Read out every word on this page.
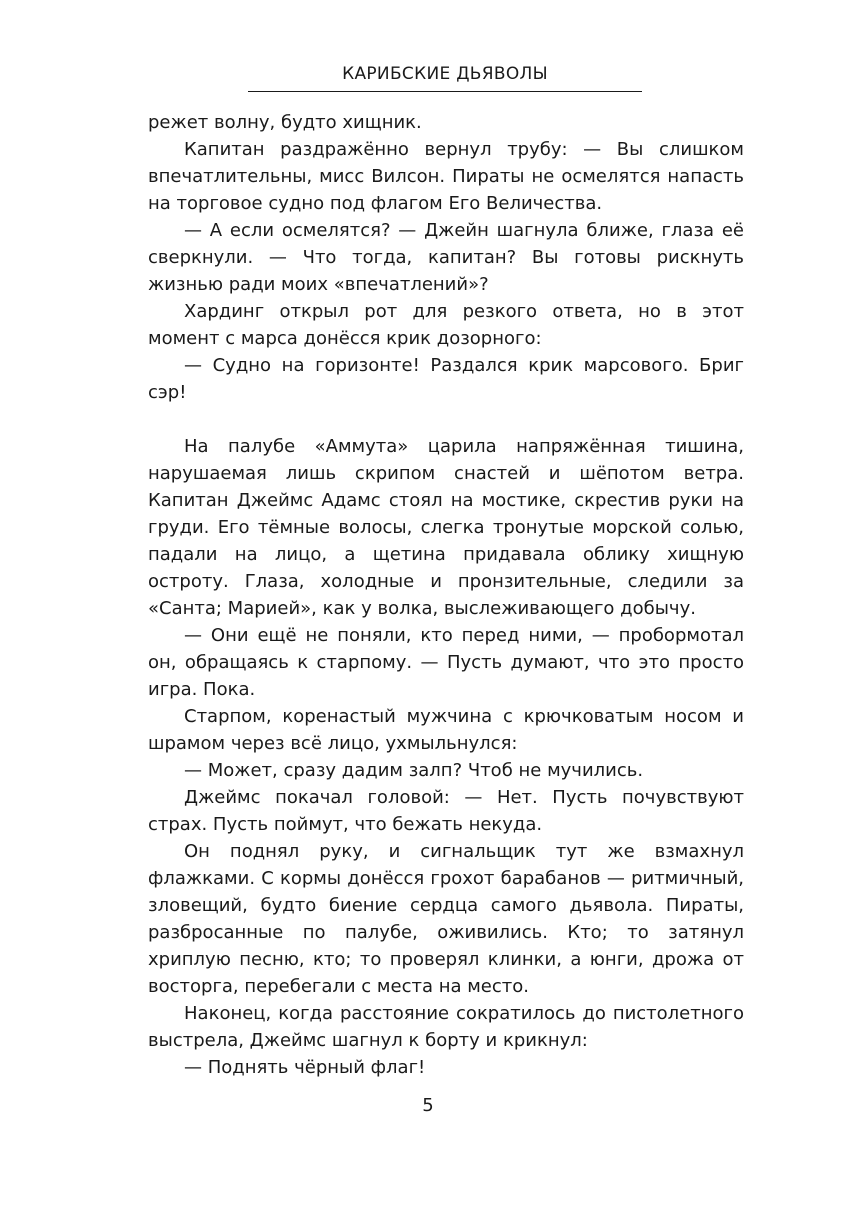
КАРИБСКИЕ ДЬЯВОЛЫ

режет волну, будто хищник.

Капитан раздражённо вернул трубу: — Вы слишком впечатлительны, мисс Вилсон. Пираты не осмелятся напасть на торговое судно под флагом Его Величества.

— А если осмелятся? — Джейн шагнула ближе, глаза её сверкнули. — Что тогда, капитан? Вы готовы рискнуть жизнью ради моих «впечатлений»?

Хардинг открыл рот для резкого ответа, но в этот момент с марса донёсся крик дозорного:

— Судно на горизонте! Раздался крик марсового. Бриг сэр!

На палубе «Аммута» царила напряжённая тишина, нарушаемая лишь скрипом снастей и шёпотом ветра. Капитан Джеймс Адамс стоял на мостике, скрестив руки на груди. Его тёмные волосы, слегка тронутые морской солью, падали на лицо, а щетина придавала облику хищную остроту. Глаза, холодные и пронзительные, следили за «Санта; Марией», как у волка, выслеживающего добычу.

— Они ещё не поняли, кто перед ними, — пробормотал он, обращаясь к старпому. — Пусть думают, что это просто игра. Пока.

Старпом, коренастый мужчина с крючковатым носом и шрамом через всё лицо, ухмыльнулся:

— Может, сразу дадим залп? Чтоб не мучились.

Джеймс покачал головой: — Нет. Пусть почувствуют страх. Пусть поймут, что бежать некуда.

Он поднял руку, и сигнальщик тут же взмахнул флажками. С кормы донёсся грохот барабанов — ритмичный, зловещий, будто биение сердца самого дьявола. Пираты, разбросанные по палубе, оживились. Кто; то затянул хриплую песню, кто; то проверял клинки, а юнги, дрожа от восторга, перебегали с места на место.

Наконец, когда расстояние сократилось до пистолетного выстрела, Джеймс шагнул к борту и крикнул:

— Поднять чёрный флаг!

5
